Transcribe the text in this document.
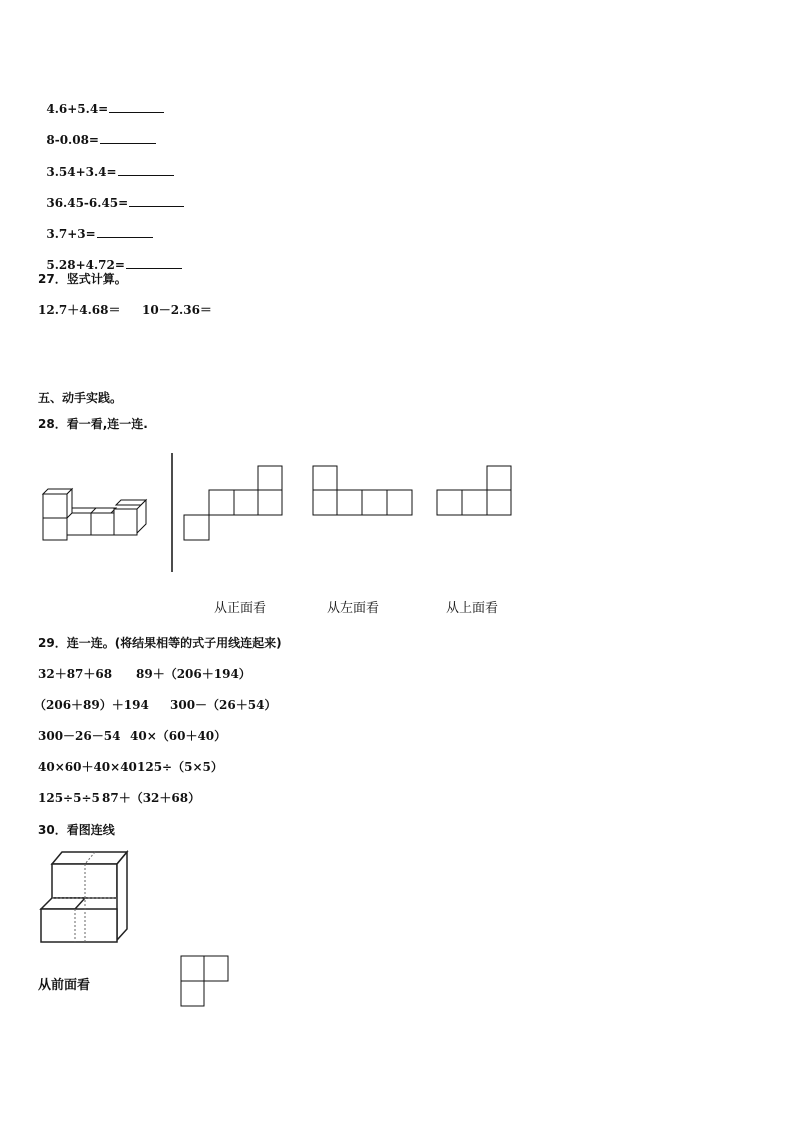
4.6+5.4=

8-0.08=

3.54+3.4=

36.45-6.45=

3.7+3=

5.28+4.72=

27．竖式计算。
12.7＋4.68＝ 10－2.36＝
五、动手实践。
28．看一看,连一连.
从正面看	从左面看	从上面看
29．连一连。(将结果相等的式子用线连起来)
32＋87＋68 89＋（206＋194）
（206＋89）＋194 300－（26＋54）
300－26－54 40×（60＋40）
40×60＋40×40 125÷（5×5）
125÷5÷5 87＋（32＋68）
30．看图连线
从前面看
